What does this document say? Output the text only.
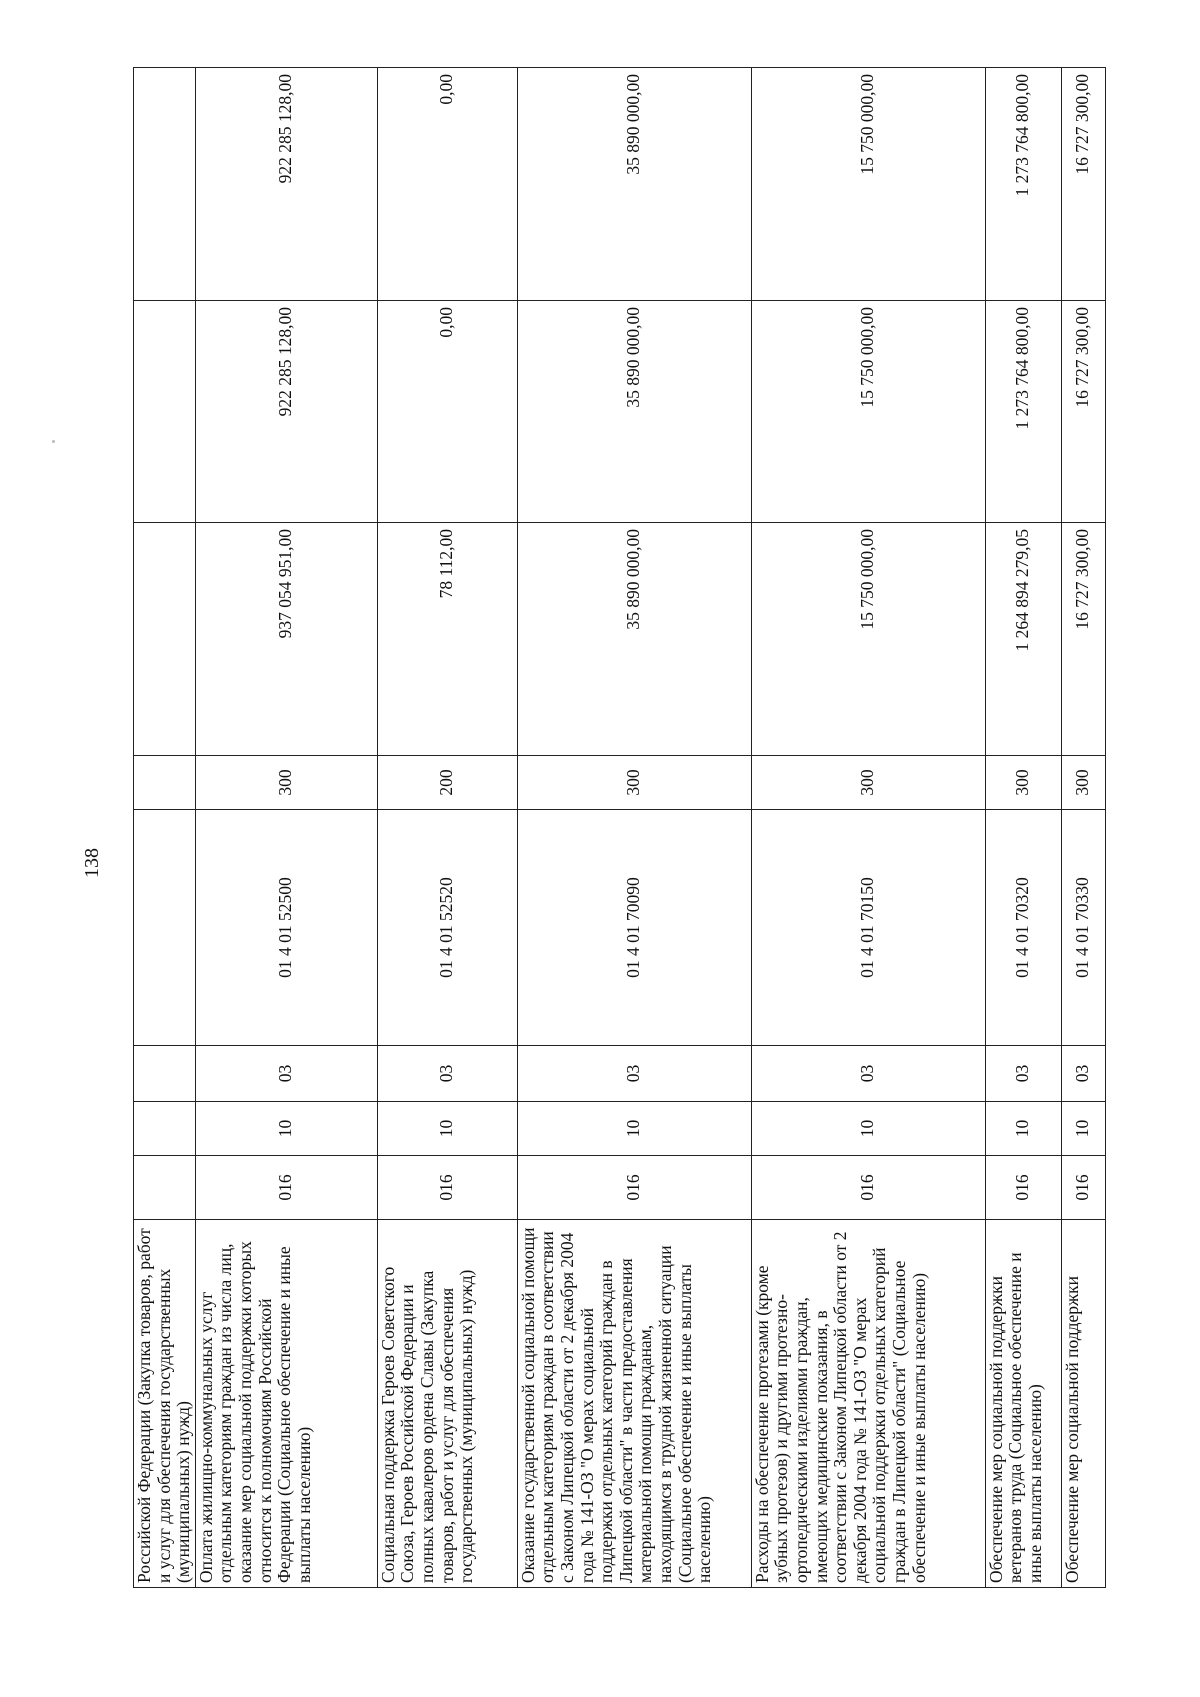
138
Российской Федерации (Закупка товаров, работ и услуг для обеспечения государственных (муниципальных) нужд)								
Оплата жилищно-коммунальных услуг отдельным категориям граждан из числа лиц, оказание мер социальной поддержки которых относится к полномочиям Российской Федерации (Социальное обеспечение и иные выплаты населению)	016	10	03	01 4 01 52500	300	937 054 951,00	922 285 128,00	922 285 128,00
Социальная поддержка Героев Советского Союза, Героев Российской Федерации и полных кавалеров ордена Славы (Закупка товаров, работ и услуг для обеспечения государственных (муниципальных) нужд)	016	10	03	01 4 01 52520	200	78 112,00	0,00	0,00
Оказание государственной социальной помощи отдельным категориям граждан в соответствии с Законом Липецкой области от 2 декабря 2004 года № 141-ОЗ "О мерах социальной поддержки отдельных категорий граждан в Липецкой области" в части предоставления материальной помощи гражданам, находящимся в трудной жизненной ситуации (Социальное обеспечение и иные выплаты населению)	016	10	03	01 4 01 70090	300	35 890 000,00	35 890 000,00	35 890 000,00
Расходы на обеспечение протезами (кроме зубных протезов) и другими протезно-ортопедическими изделиями граждан, имеющих медицинские показания, в соответствии с Законом Липецкой области от 2 декабря 2004 года № 141-ОЗ "О мерах социальной поддержки отдельных категорий граждан в Липецкой области" (Социальное обеспечение и иные выплаты населению)	016	10	03	01 4 01 70150	300	15 750 000,00	15 750 000,00	15 750 000,00
Обеспечение мер социальной поддержки ветеранов труда (Социальное обеспечение и иные выплаты населению)	016	10	03	01 4 01 70320	300	1 264 894 279,05	1 273 764 800,00	1 273 764 800,00
Обеспечение мер социальной поддержки	016	10	03	01 4 01 70330	300	16 727 300,00	16 727 300,00	16 727 300,00
